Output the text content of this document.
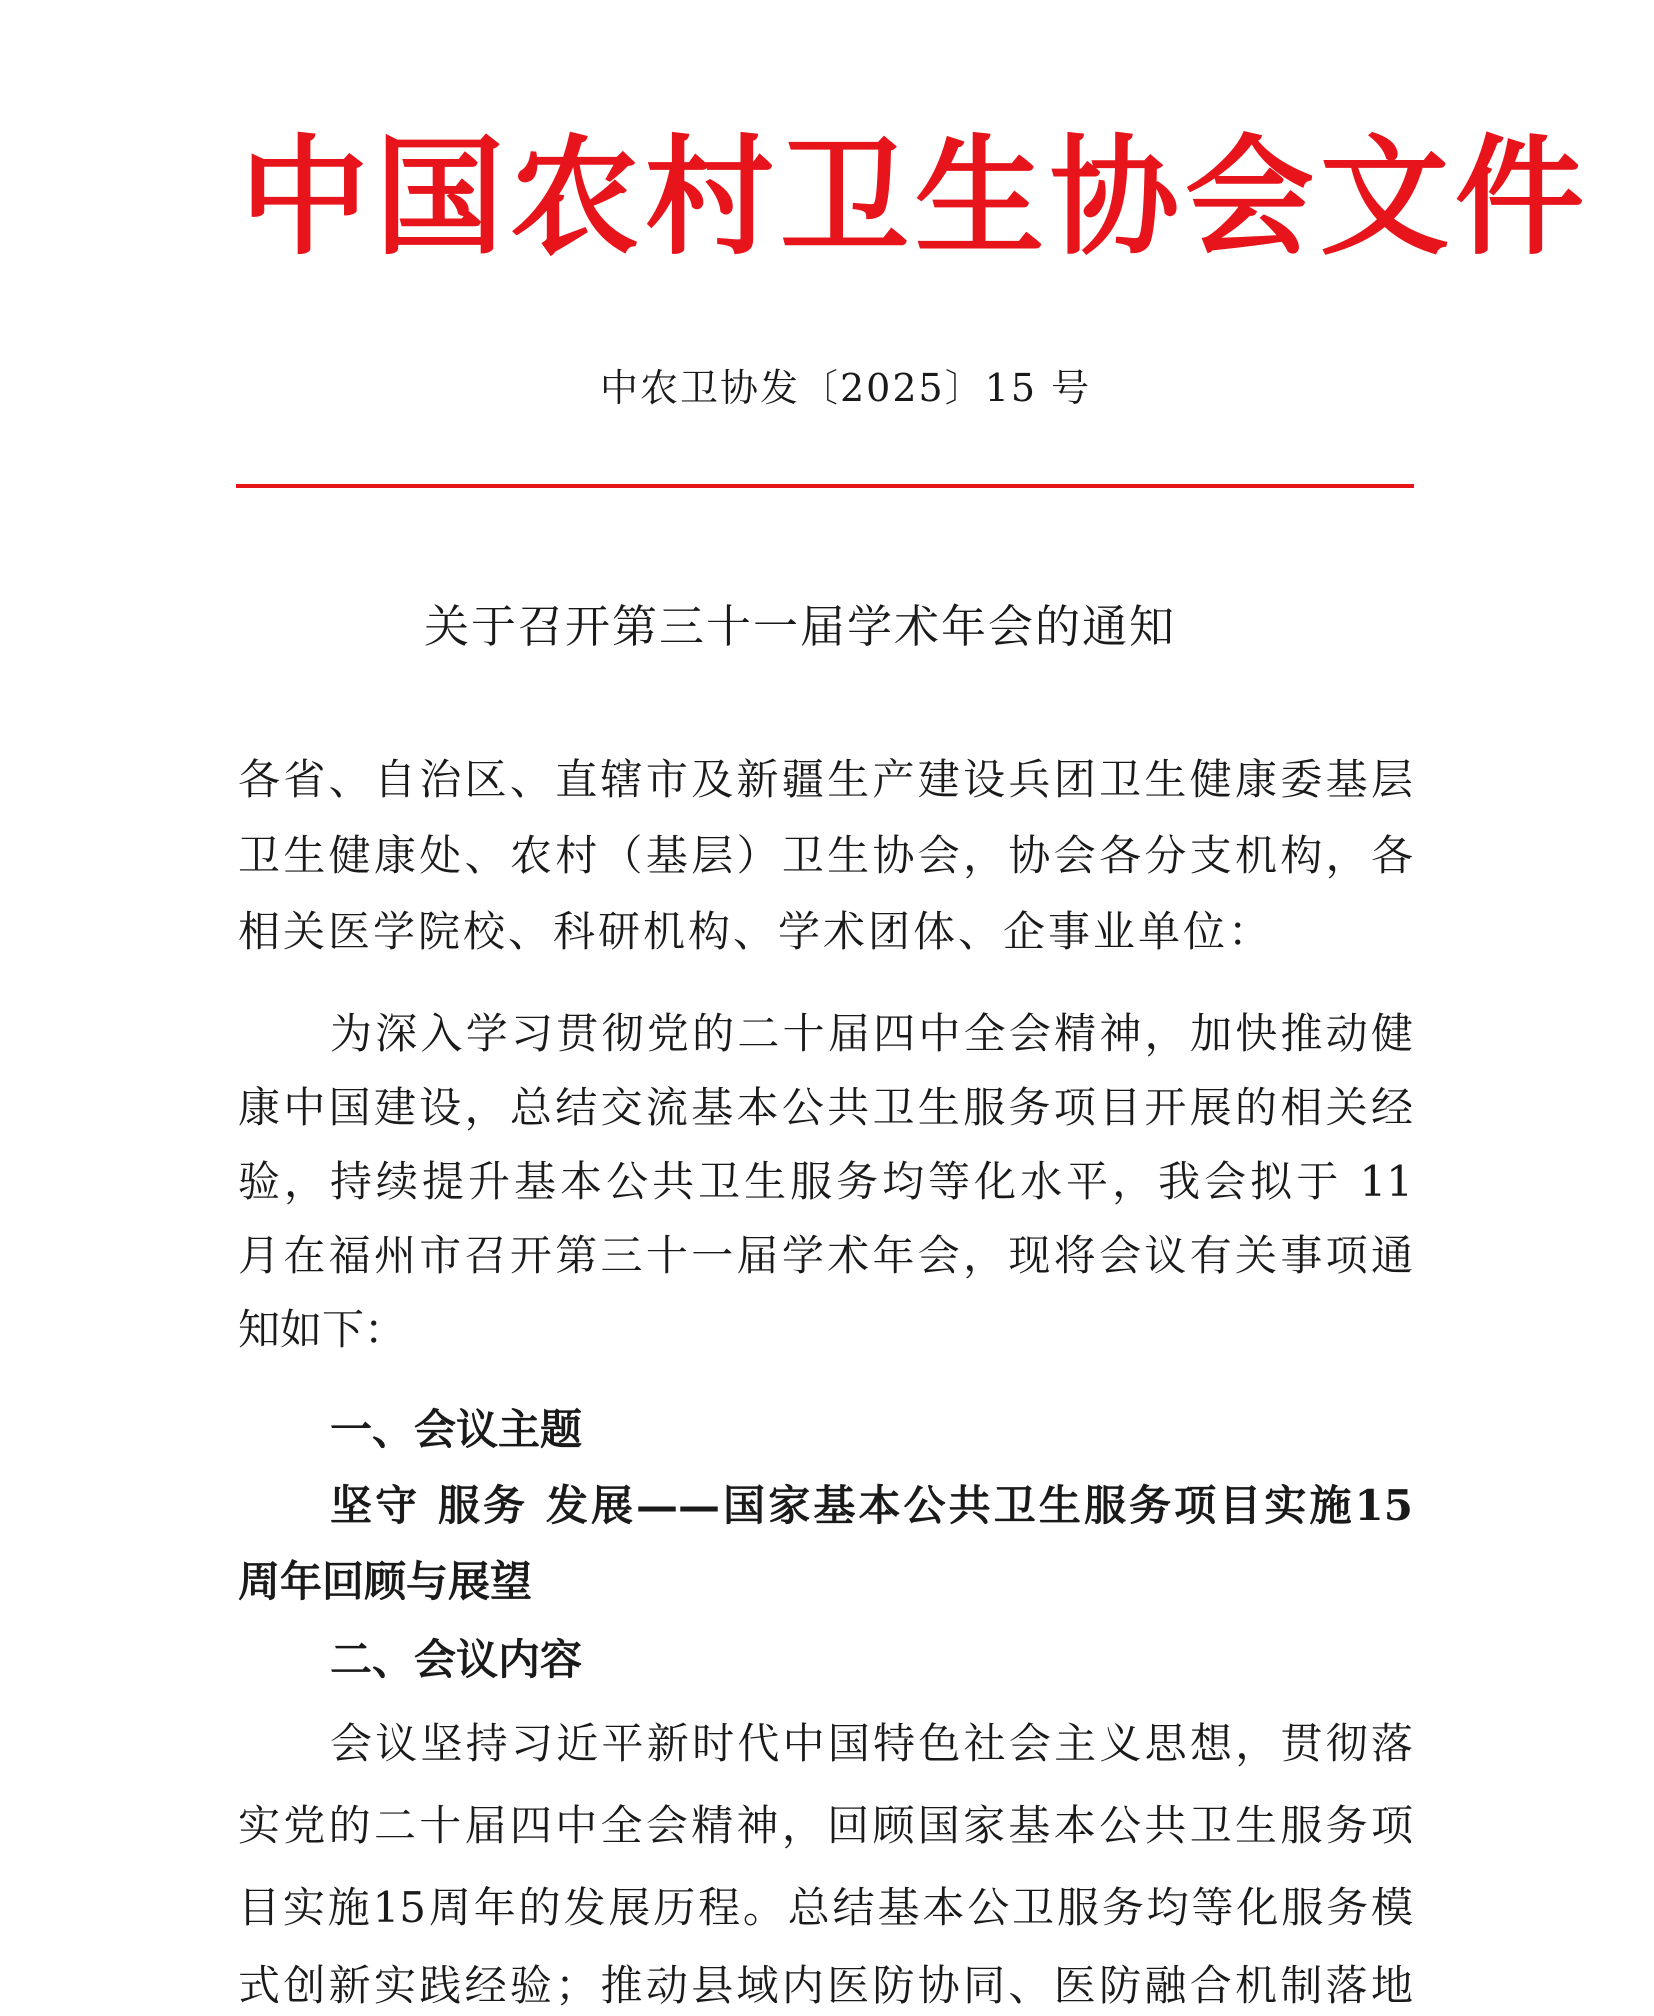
中国农村卫生协会文件
中农卫协发〔2025〕15 号
关于召开第三十一届学术年会的通知
各省、自治区、直辖市及新疆生产建设兵团卫生健康委基层
卫生健康处、农村（基层）卫生协会，协会各分支机构，各
相关医学院校、科研机构、学术团体、企事业单位：
为深入学习贯彻党的二十届四中全会精神，加快推动健
康中国建设，总结交流基本公共卫生服务项目开展的相关经
验，持续提升基本公共卫生服务均等化水平，我会拟于 11
月在福州市召开第三十一届学术年会，现将会议有关事项通
知如下：
一、会议主题
坚守 服务 发展——国家基本公共卫生服务项目实施15
周年回顾与展望
二、会议内容
会议坚持习近平新时代中国特色社会主义思想，贯彻落
实党的二十届四中全会精神，回顾国家基本公共卫生服务项
目实施15周年的发展历程。总结基本公卫服务均等化服务模
式创新实践经验；推动县域内医防协同、医防融合机制落地
